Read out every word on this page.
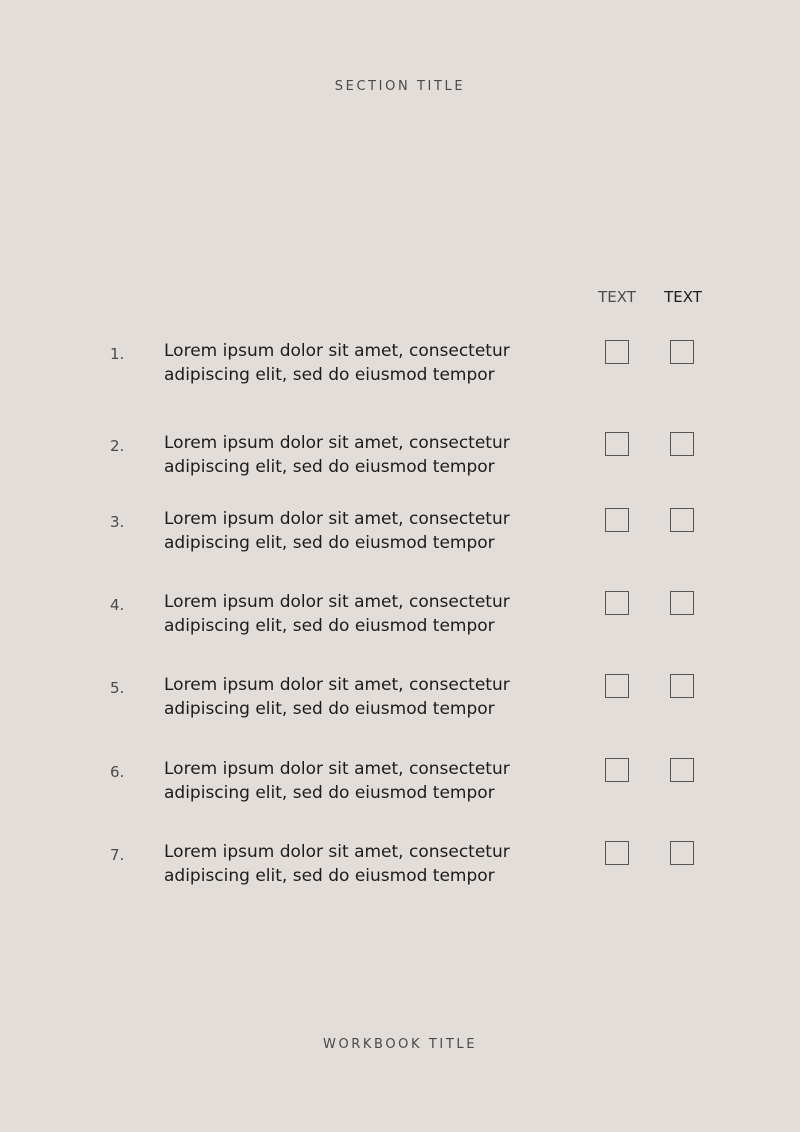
SECTION TITLE
TEXT	TEXT
1. Lorem ipsum dolor sit amet, consectetur
adipiscing elit, sed do eiusmod tempor
2. Lorem ipsum dolor sit amet, consectetur
adipiscing elit, sed do eiusmod tempor
3. Lorem ipsum dolor sit amet, consectetur
adipiscing elit, sed do eiusmod tempor
4. Lorem ipsum dolor sit amet, consectetur
adipiscing elit, sed do eiusmod tempor
5. Lorem ipsum dolor sit amet, consectetur
adipiscing elit, sed do eiusmod tempor
6. Lorem ipsum dolor sit amet, consectetur
adipiscing elit, sed do eiusmod tempor
7. Lorem ipsum dolor sit amet, consectetur
adipiscing elit, sed do eiusmod tempor
WORKBOOK TITLE
